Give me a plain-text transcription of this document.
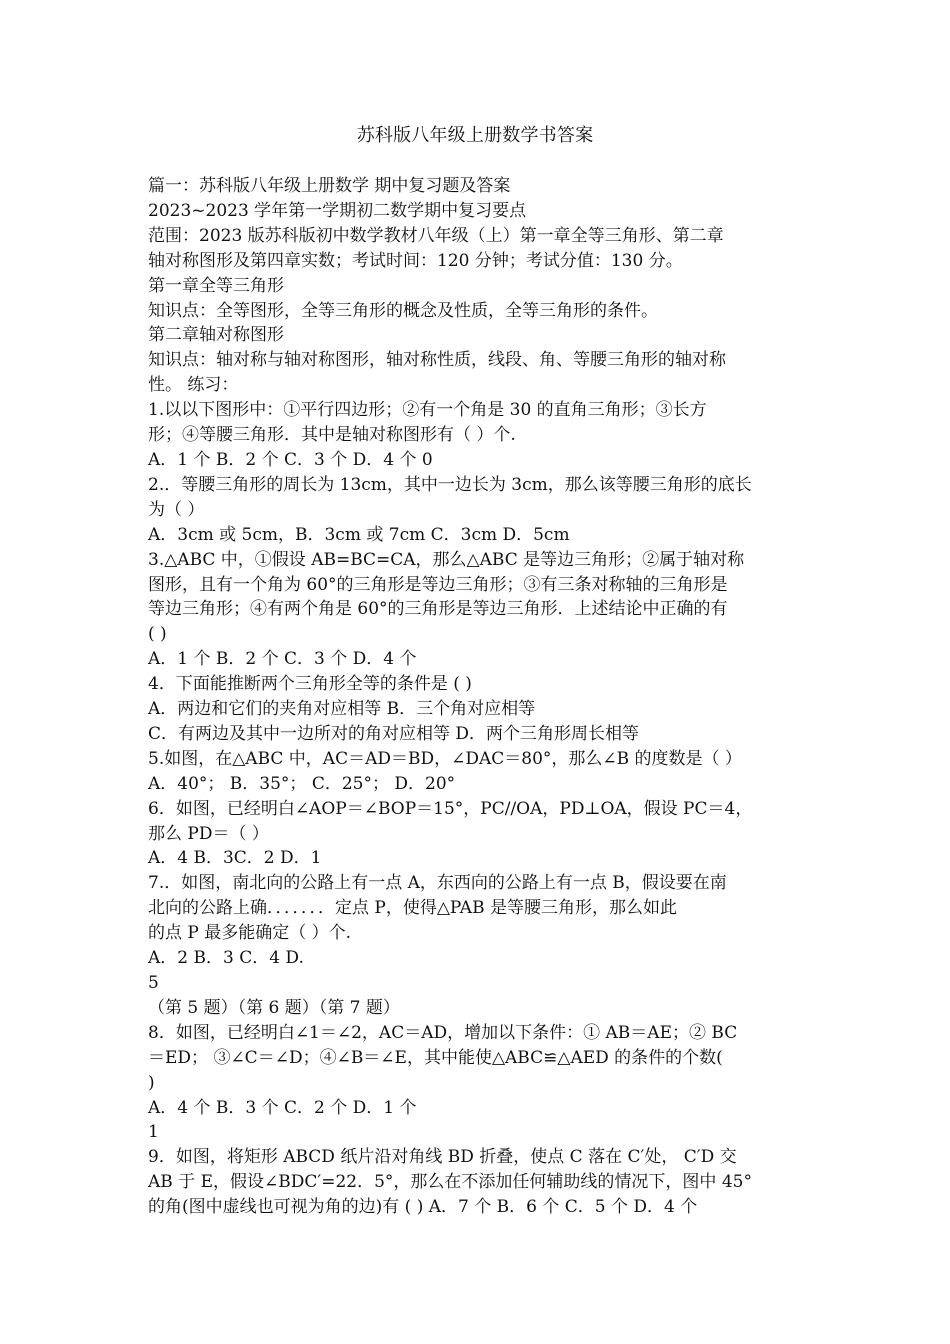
苏科版八年级上册数学书答案
篇一：苏科版八年级上册数学 期中复习题及答案
2023~2023 学年第一学期初二数学期中复习要点
范围：2023 版苏科版初中数学教材八年级（上）第一章全等三角形、第二章
轴对称图形及第四章实数；考试时间：120 分钟；考试分值：130 分。
第一章全等三角形
知识点：全等图形，全等三角形的概念及性质，全等三角形的条件。
第二章轴对称图形
知识点：轴对称与轴对称图形，轴对称性质，线段、角、等腰三角形的轴对称
性。 练习：
1.以以下图形中：①平行四边形；②有一个角是 30 的直角三角形；③长方
形；④等腰三角形．其中是轴对称图形有（ ）个.
A．1 个 B．2 个 C．3 个 D．4 个 0
2.．等腰三角形的周长为 13cm，其中一边长为 3cm，那么该等腰三角形的底长
为（ ）
A．3cm 或 5cm，B．3cm 或 7cm C．3cm D．5cm
3.△ABC 中，①假设 AB=BC=CA，那么△ABC 是等边三角形；②属于轴对称
图形，且有一个角为 60°的三角形是等边三角形；③有三条对称轴的三角形是
等边三角形；④有两个角是 60°的三角形是等边三角形．上述结论中正确的有
( )
A．1 个 B．2 个 C．3 个 D．4 个
4．下面能推断两个三角形全等的条件是 ( )
A．两边和它们的夹角对应相等 B．三个角对应相等
C．有两边及其中一边所对的角对应相等 D．两个三角形周长相等
5.如图，在△ABC 中，AC＝AD＝BD，∠DAC＝80°，那么∠B 的度数是（ ）
A．40°； B．35°； C．25°； D．20°
6．如图，已经明白∠AOP＝∠BOP＝15°，PC//OA，PD⊥OA，假设 PC＝4，
那么 PD＝（ ）
A．4 B．3C．2 D．1
7.．如图，南北向的公路上有一点 A，东西向的公路上有一点 B，假设要在南
北向的公路上确．．．．．．．定点 P，使得△PAB 是等腰三角形，那么如此
的点 P 最多能确定（ ）个.
A．2 B．3 C．4 D.
5
（第 5 题）（第 6 题）（第 7 题）
8．如图，已经明白∠1＝∠2，AC＝AD，增加以下条件：① AB＝AE；② BC
＝ED； ③∠C＝∠D；④∠B＝∠E，其中能使△ABC≌△AED 的条件的个数(
)
A．4 个 B．3 个 C．2 个 D．1 个
1
9．如图，将矩形 ABCD 纸片沿对角线 BD 折叠，使点 C 落在 C′处， C′D 交
AB 于 E，假设∠BDC′=22．5°，那么在不添加任何辅助线的情况下，图中 45°
的角(图中虚线也可视为角的边)有 ( ) A．7 个 B．6 个 C．5 个 D．4 个
